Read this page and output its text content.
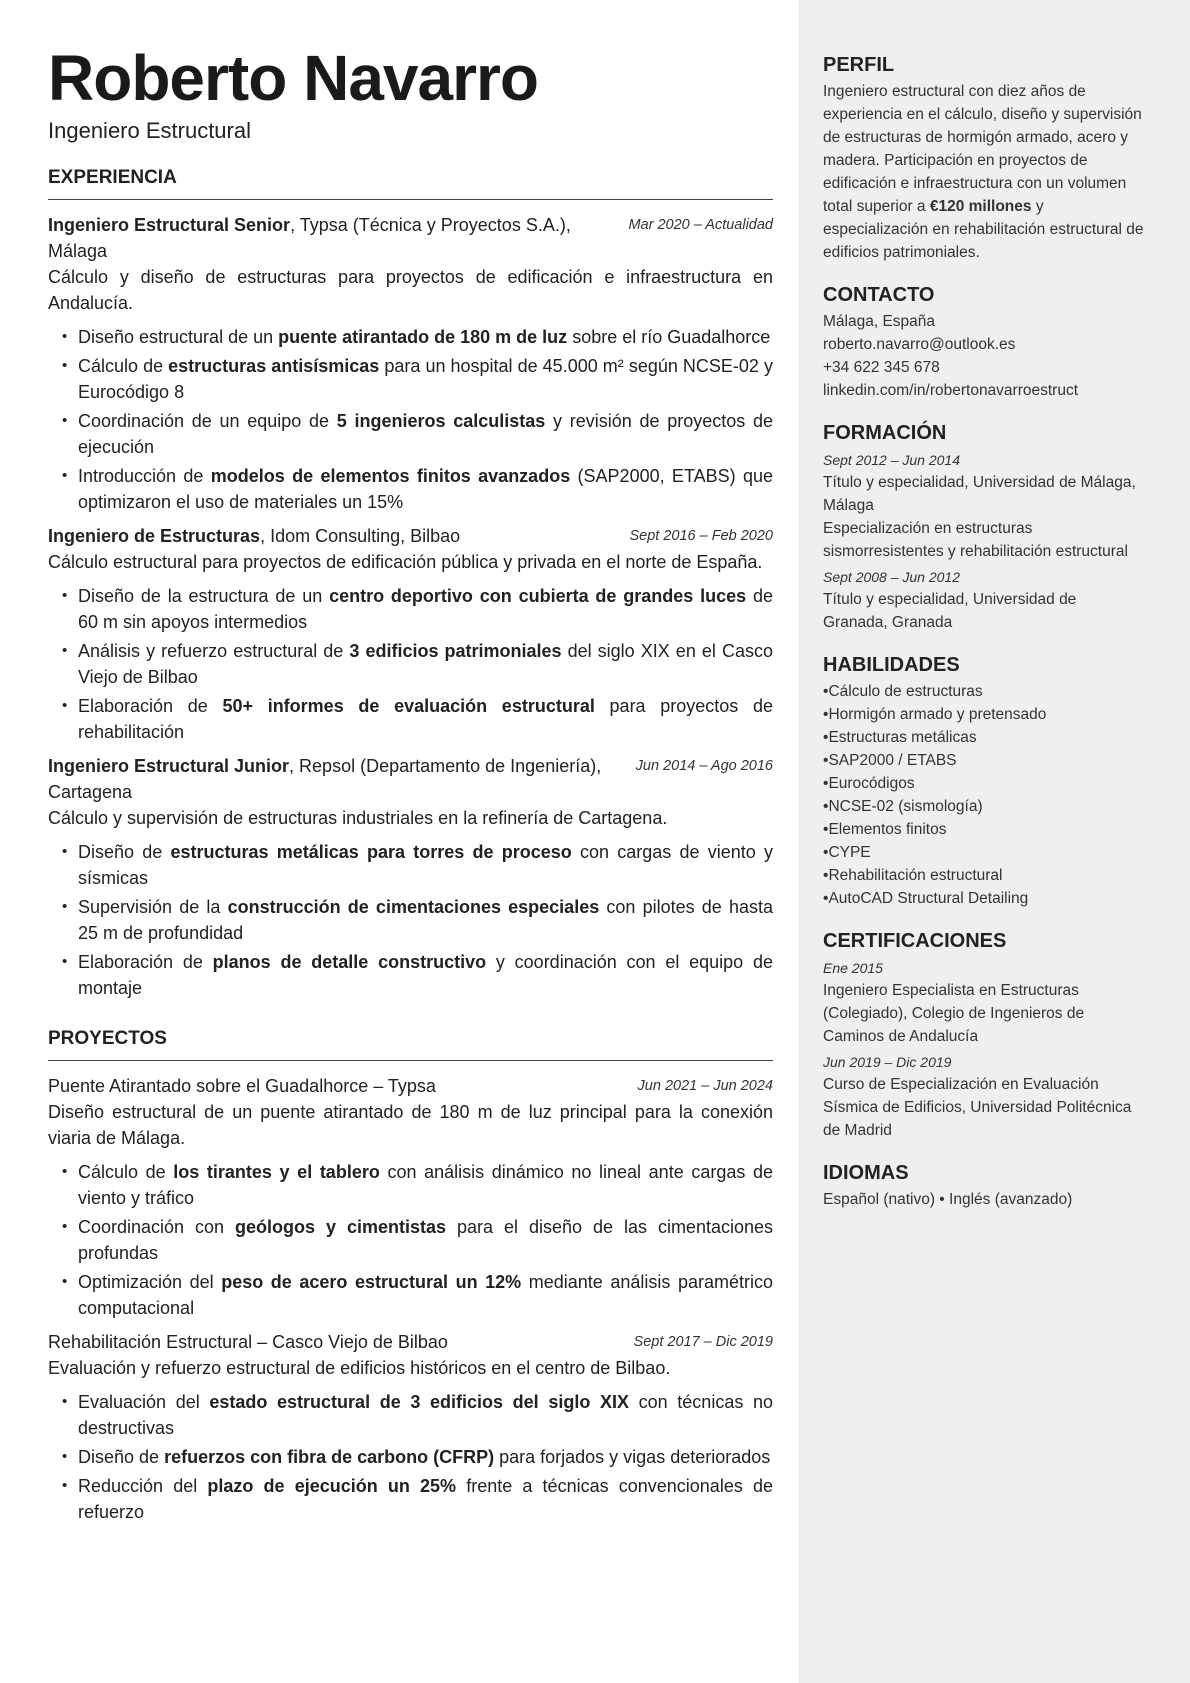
Roberto Navarro
Ingeniero Estructural
EXPERIENCIA
Ingeniero Estructural Senior, Typsa (Técnica y Proyectos S.A.), Málaga
Mar 2020 – Actualidad
Cálculo y diseño de estructuras para proyectos de edificación e infraestructura en Andalucía.
• Diseño estructural de un puente atirantado de 180 m de luz sobre el río Guadalhorce
• Cálculo de estructuras antisísmicas para un hospital de 45.000 m² según NCSE-02 y Eurocódigo 8
• Coordinación de un equipo de 5 ingenieros calculistas y revisión de proyectos de ejecución
• Introducción de modelos de elementos finitos avanzados (SAP2000, ETABS) que optimizaron el uso de materiales un 15%
Ingeniero de Estructuras, Idom Consulting, Bilbao	Sept 2016 – Feb 2020
Cálculo estructural para proyectos de edificación pública y privada en el norte de España.
• Diseño de la estructura de un centro deportivo con cubierta de grandes luces de 60 m sin apoyos intermedios
• Análisis y refuerzo estructural de 3 edificios patrimoniales del siglo XIX en el Casco Viejo de Bilbao
• Elaboración de 50+ informes de evaluación estructural para proyectos de rehabilitación
Ingeniero Estructural Junior, Repsol (Departamento de Ingeniería), Cartagena
Jun 2014 – Ago 2016
Cálculo y supervisión de estructuras industriales en la refinería de Cartagena.
• Diseño de estructuras metálicas para torres de proceso con cargas de viento y sísmicas
• Supervisión de la construcción de cimentaciones especiales con pilotes de hasta 25 m de profundidad
• Elaboración de planos de detalle constructivo y coordinación con el equipo de montaje
PROYECTOS
Puente Atirantado sobre el Guadalhorce – Typsa	Jun 2021 – Jun 2024
Diseño estructural de un puente atirantado de 180 m de luz principal para la conexión viaria de Málaga.
• Cálculo de los tirantes y el tablero con análisis dinámico no lineal ante cargas de viento y tráfico
• Coordinación con geólogos y cimentistas para el diseño de las cimentaciones profundas
• Optimización del peso de acero estructural un 12% mediante análisis paramétrico computacional
Rehabilitación Estructural – Casco Viejo de Bilbao	Sept 2017 – Dic 2019
Evaluación y refuerzo estructural de edificios históricos en el centro de Bilbao.
• Evaluación del estado estructural de 3 edificios del siglo XIX con técnicas no destructivas
• Diseño de refuerzos con fibra de carbono (CFRP) para forjados y vigas deteriorados
• Reducción del plazo de ejecución un 25% frente a técnicas convencionales de refuerzo
PERFIL
Ingeniero estructural con diez años de experiencia en el cálculo, diseño y supervisión de estructuras de hormigón armado, acero y madera. Participación en proyectos de edificación e infraestructura con un volumen total superior a €120 millones y especialización en rehabilitación estructural de edificios patrimoniales.
CONTACTO
Málaga, España
roberto.navarro@outlook.es
+34 622 345 678
linkedin.com/in/robertonavarroestruct
FORMACIÓN
Sept 2012 – Jun 2014
Título y especialidad, Universidad de Málaga, Málaga
Especialización en estructuras sismorresistentes y rehabilitación estructural
Sept 2008 – Jun 2012
Título y especialidad, Universidad de Granada, Granada
HABILIDADES
• Cálculo de estructuras
• Hormigón armado y pretensado
• Estructuras metálicas
• SAP2000 / ETABS
• Eurocódigos
• NCSE-02 (sismología)
• Elementos finitos
• CYPE
• Rehabilitación estructural
• AutoCAD Structural Detailing
CERTIFICACIONES
Ene 2015
Ingeniero Especialista en Estructuras (Colegiado), Colegio de Ingenieros de Caminos de Andalucía
Jun 2019 – Dic 2019
Curso de Especialización en Evaluación Sísmica de Edificios, Universidad Politécnica de Madrid
IDIOMAS
Español (nativo) • Inglés (avanzado)
